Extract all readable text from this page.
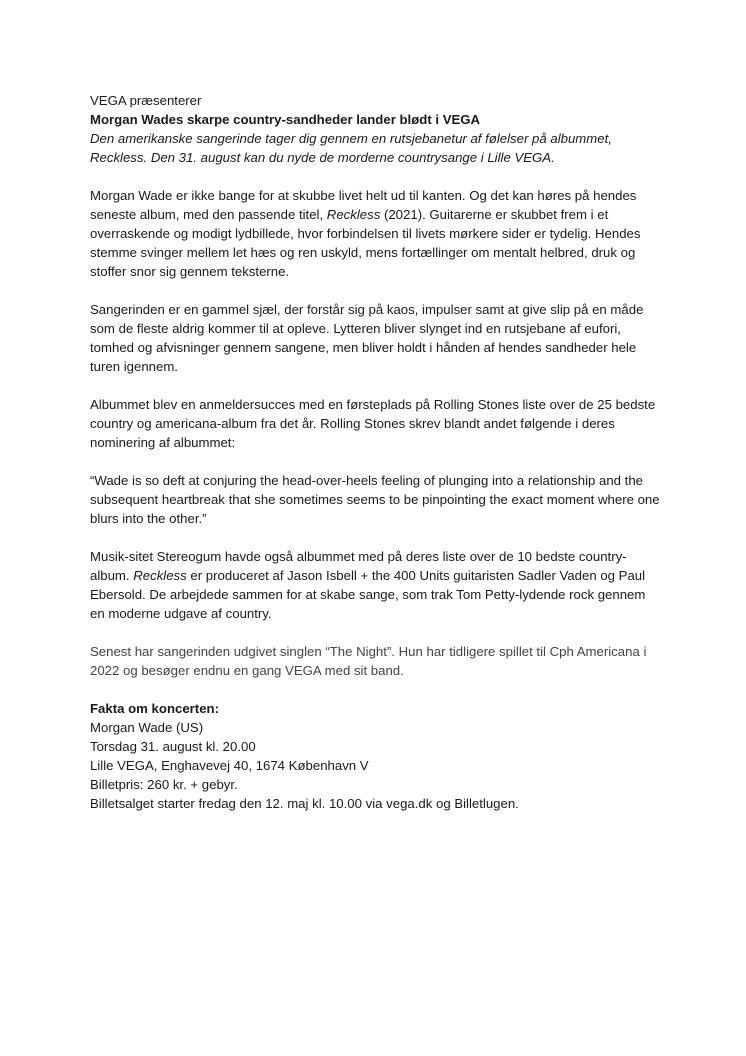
VEGA præsenterer

Morgan Wades skarpe country-sandheder lander blødt i VEGA

Den amerikanske sangerinde tager dig gennem en rutsjebanetur af følelser på albummet, Reckless. Den 31. august kan du nyde de morderne countrysange i Lille VEGA.

Morgan Wade er ikke bange for at skubbe livet helt ud til kanten. Og det kan høres på hendes seneste album, med den passende titel, Reckless (2021). Guitarerne er skubbet frem i et overraskende og modigt lydbillede, hvor forbindelsen til livets mørkere sider er tydelig. Hendes stemme svinger mellem let hæs og ren uskyld, mens fortællinger om mentalt helbred, druk og stoffer snor sig gennem teksterne.

Sangerinden er en gammel sjæl, der forstår sig på kaos, impulser samt at give slip på en måde som de fleste aldrig kommer til at opleve. Lytteren bliver slynget ind en rutsjebane af eufori, tomhed og afvisninger gennem sangene, men bliver holdt i hånden af hendes sandheder hele turen igennem.

Albummet blev en anmeldersucces med en førsteplads på Rolling Stones liste over de 25 bedste country og americana-album fra det år. Rolling Stones skrev blandt andet følgende i deres nominering af albummet:

“Wade is so deft at conjuring the head-over-heels feeling of plunging into a relationship and the subsequent heartbreak that she sometimes seems to be pinpointing the exact moment where one blurs into the other.”

Musik-sitet Stereogum havde også albummet med på deres liste over de 10 bedste country-album. Reckless er produceret af Jason Isbell + the 400 Units guitaristen Sadler Vaden og Paul Ebersold. De arbejdede sammen for at skabe sange, som trak Tom Petty-lydende rock gennem en moderne udgave af country.

Senest har sangerinden udgivet singlen “The Night”. Hun har tidligere spillet til Cph Americana i 2022 og besøger endnu en gang VEGA med sit band.

Fakta om koncerten:

Morgan Wade (US)

Torsdag 31. august kl. 20.00

Lille VEGA, Enghavevej 40, 1674 København V

Billetpris: 260 kr. + gebyr.

Billetsalget starter fredag den 12. maj kl. 10.00 via vega.dk og Billetlugen.
